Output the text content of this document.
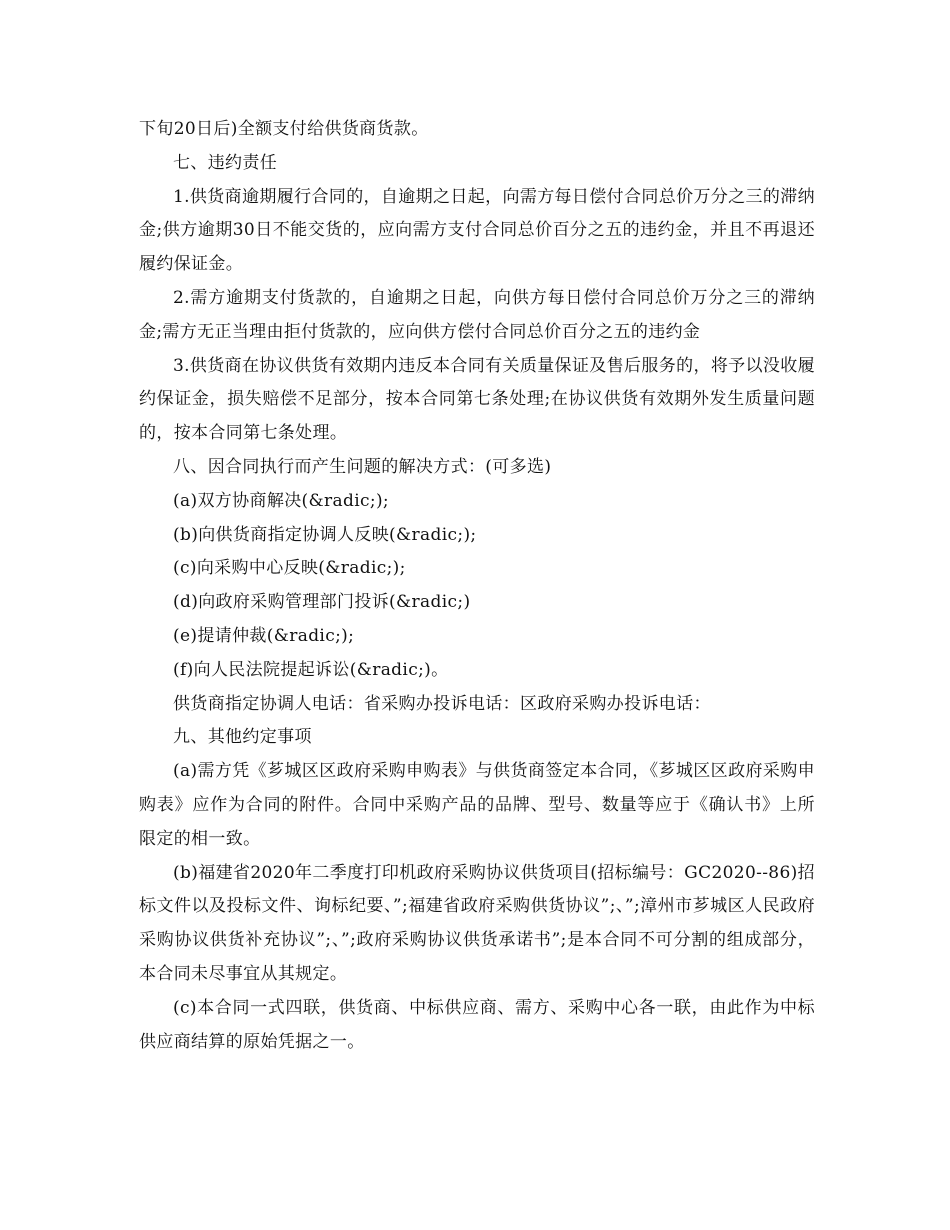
下旬20日后)全额支付给供货商货款。

七、违约责任

1.供货商逾期履行合同的，自逾期之日起，向需方每日偿付合同总价万分之三的滞纳金;供方逾期30日不能交货的，应向需方支付合同总价百分之五的违约金，并且不再退还履约保证金。

2.需方逾期支付货款的，自逾期之日起，向供方每日偿付合同总价万分之三的滞纳金;需方无正当理由拒付货款的，应向供方偿付合同总价百分之五的违约金

3.供货商在协议供货有效期内违反本合同有关质量保证及售后服务的，将予以没收履约保证金，损失赔偿不足部分，按本合同第七条处理;在协议供货有效期外发生质量问题的，按本合同第七条处理。

八、因合同执行而产生问题的解决方式：(可多选)

(a)双方协商解决(&radic;);

(b)向供货商指定协调人反映(&radic;);

(c)向采购中心反映(&radic;);

(d)向政府采购管理部门投诉(&radic;)

(e)提请仲裁(&radic;);

(f)向人民法院提起诉讼(&radic;)。

供货商指定协调人电话：省采购办投诉电话：区政府采购办投诉电话：

九、其他约定事项

(a)需方凭《芗城区区政府采购申购表》与供货商签定本合同，《芗城区区政府采购申购表》应作为合同的附件。合同中采购产品的品牌、型号、数量等应于《确认书》上所限定的相一致。

(b)福建省2020年二季度打印机政府采购协议供货项目(招标编号：GC2020--86)招标文件以及投标文件、询标纪要、”;福建省政府采购供货协议”;、”;漳州市芗城区人民政府采购协议供货补充协议”;、”;政府采购协议供货承诺书”;是本合同不可分割的组成部分，本合同未尽事宜从其规定。

(c)本合同一式四联，供货商、中标供应商、需方、采购中心各一联，由此作为中标供应商结算的原始凭据之一。
